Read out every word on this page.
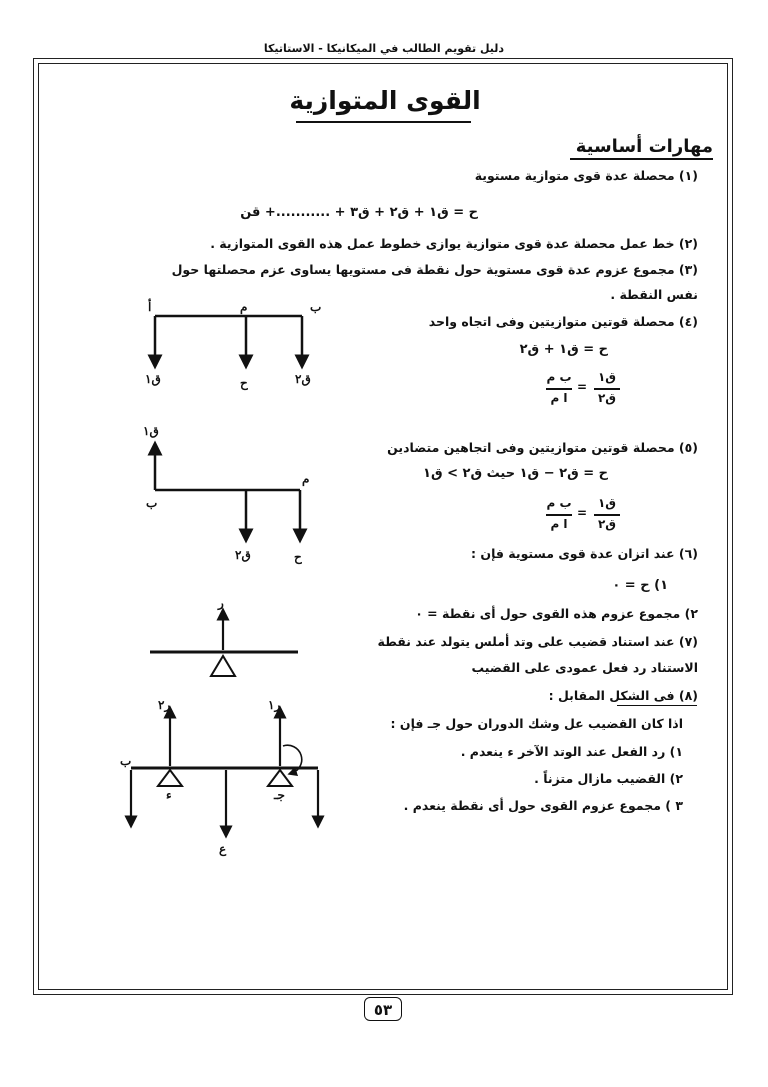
دليل تقويم الطالب في الميكانيكا - الاستاتيكا
القوى المتوازية
مهارات أساسية
(١) محصلة عدة قوى متوازية مستوية
ح = ق١ + ق٢ + ق٣ + ...........+ قن
(٢) خط عمل محصلة عدة قوى متوازية يوازى خطوط عمل هذه القوى المتوازية .
(٣) مجموع عزوم عدة قوى مستوية حول نقطة فى مستويها يساوى عزم محصلتها حول
نفس النقطة .
(٤) محصلة قوتين متوازيتين وفى اتجاه واحد
ح = ق١ + ق٢
ق١
ق٢
=
ب م
ا م
(٥) محصلة قوتين متوازيتين وفى اتجاهين متضادين
ح = ق٢ − ق١ حيث ق٢ > ق١
ق١
ق٢
=
ب م
ا م
(٦) عند اتزان عدة قوى مستوية فإن :
١) ح = ٠
٢) مجموع عزوم هذه القوى حول أى نقطة = ٠
(٧) عند استناد قضيب على وتد أملس يتولد عند نقطة
الاستناد رد فعل عمودى على القضيب
(٨) فى الشكل المقابل :
اذا كان القضيب عل وشك الدوران حول جـ فإن :
١) رد الفعل عند الوتد الآخر ء ينعدم .
٢) القضيب مازال متزناً .
٣ ) مجموع عزوم القوى حول أى نقطة ينعدم .
أ	م	ب
ق١	ح	ق٢
ق١
م
ب
ق٢	ح
ر
ب
ر٢	ر١
ء	جـ
ع
٥٣
